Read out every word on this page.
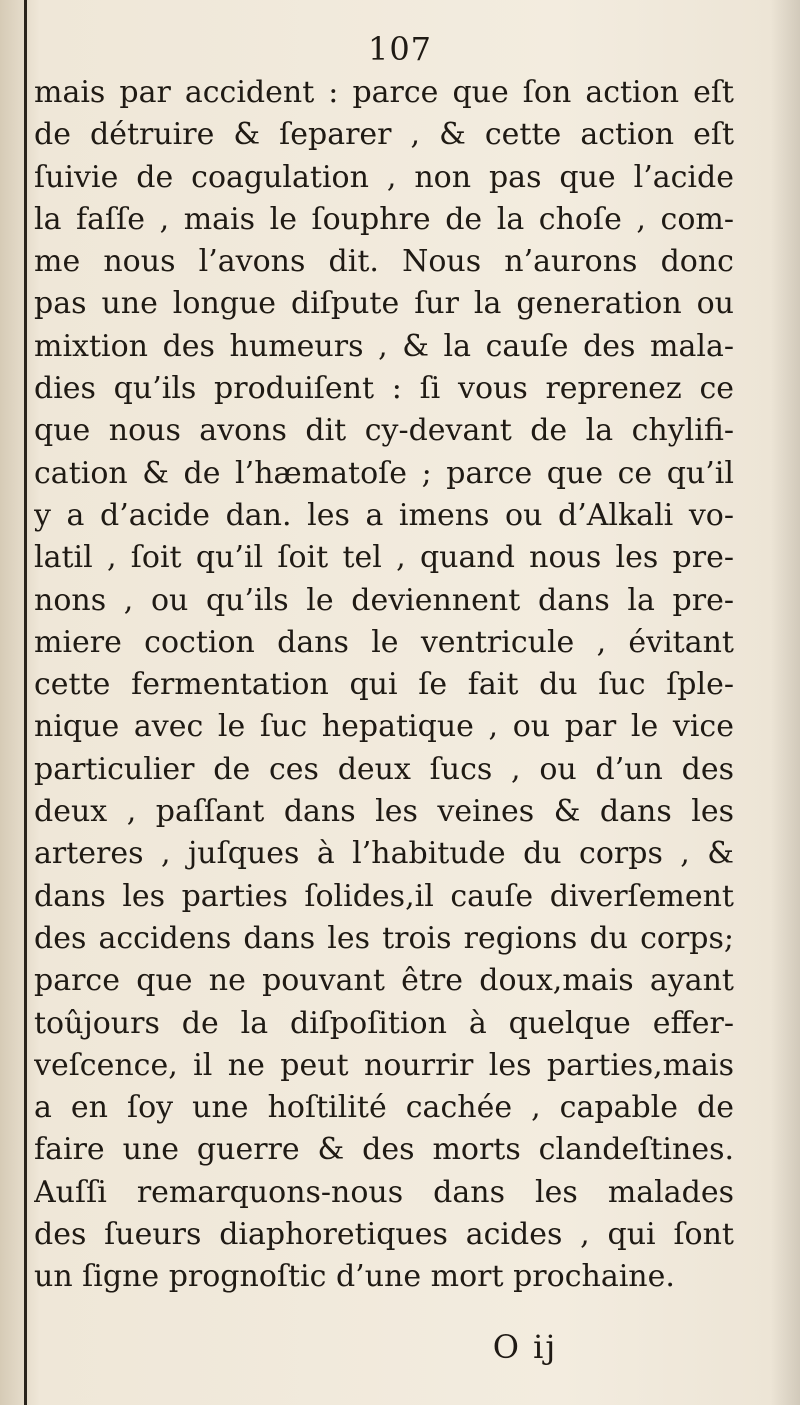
107
mais par accident : parce que ſon action eſt
de détruire & ſeparer , & cette action eſt
ſuivie de coagulation , non pas que l’acide
la faſſe , mais le ſouphre de la choſe , com-
me nous l’avons dit. Nous n’aurons donc
pas une longue diſpute ſur la generation ou
mixtion des humeurs , & la cauſe des mala-
dies qu’ils produiſent : ſi vous reprenez ce
que nous avons dit cy-devant de la chylifi-
cation & de l’hæmatoſe ; parce que ce qu’il
y a d’acide dan. les a imens ou d’Alkali vo-
latil , ſoit qu’il ſoit tel , quand nous les pre-
nons , ou qu’ils le deviennent dans la pre-
miere coction dans le ventricule , évitant
cette fermentation qui ſe fait du ſuc ſple-
nique avec le ſuc hepatique , ou par le vice
particulier de ces deux ſucs , ou d’un des
deux , paſſant dans les veines & dans les
arteres , juſques à l’habitude du corps , &
dans les parties ſolides,il cauſe diverſement
des accidens dans les trois regions du corps;
parce que ne pouvant être doux,mais ayant
toûjours de la diſpoſition à quelque effer-
veſcence, il ne peut nourrir les parties,mais
a en ſoy une hoſtilité cachée , capable de
faire une guerre & des morts clandeſtines.
Auſſi remarquons-nous dans les malades
des ſueurs diaphoretiques acides , qui ſont
un ſigne prognoſtic d’une mort prochaine.
O ij
